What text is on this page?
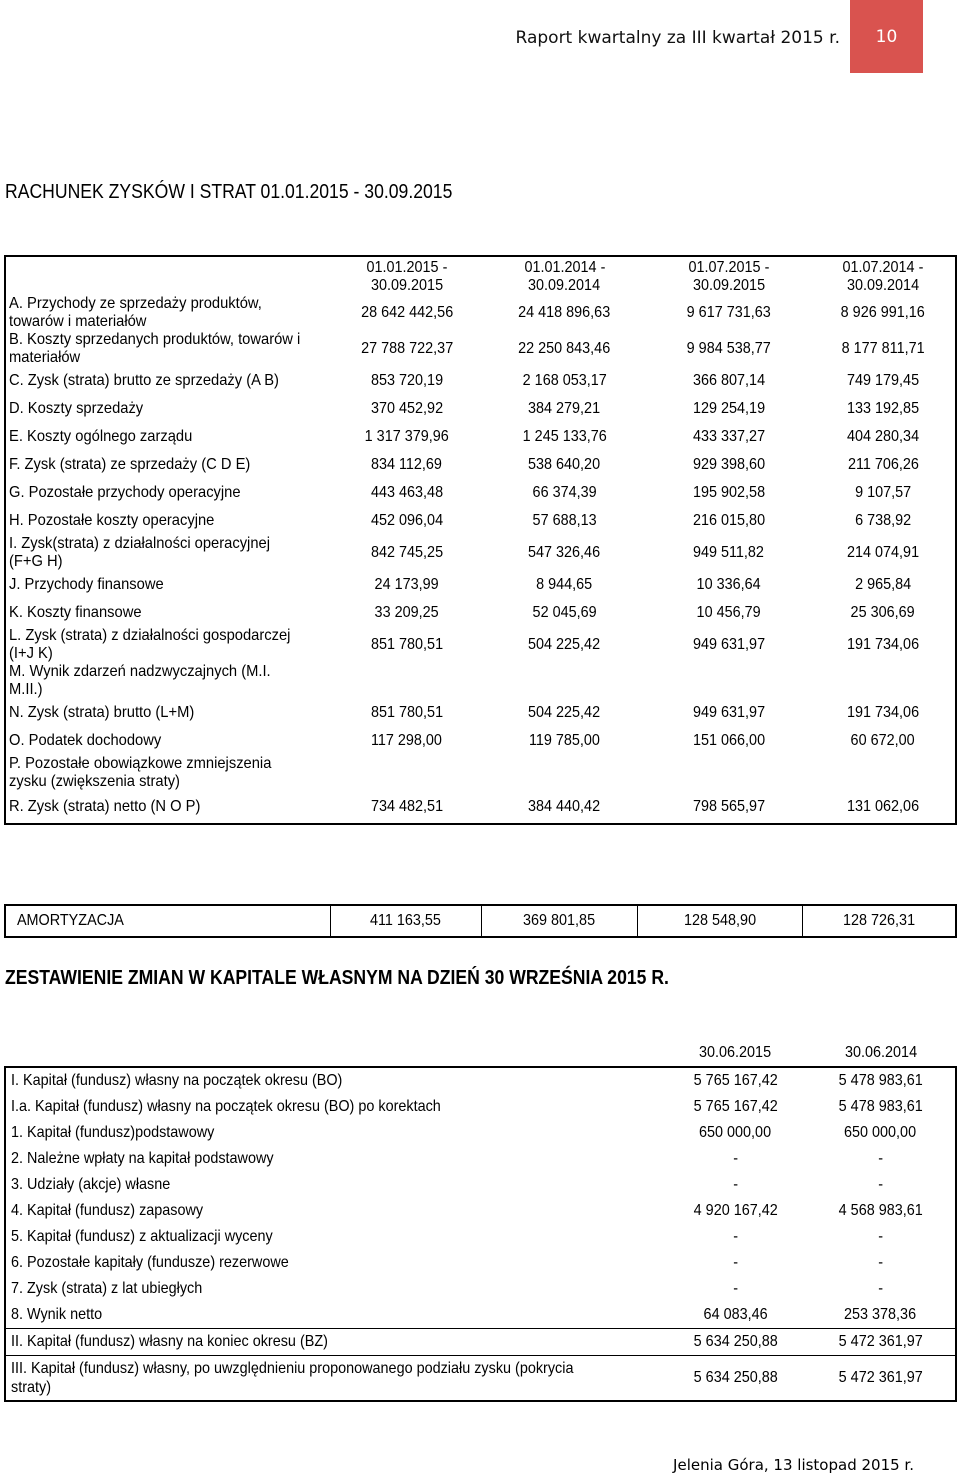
Raport kwartalny za III kwartał 2015 r.	10
RACHUNEK ZYSKÓW I STRAT 01.01.2015 - 30.09.2015
	01.01.2015 -
30.09.2015	01.01.2014 -
30.09.2014	01.07.2015 -
30.09.2015	01.07.2014 -
30.09.2014
A. Przychody ze sprzedaży produktów, towarów i materiałów	28 642 442,56	24 418 896,63	9 617 731,63	8 926 991,16
B. Koszty sprzedanych produktów, towarów i materiałów	27 788 722,37	22 250 843,46	9 984 538,77	8 177 811,71
C. Zysk (strata) brutto ze sprzedaży (A B)	853 720,19	2 168 053,17	366 807,14	749 179,45
D. Koszty sprzedaży	370 452,92	384 279,21	129 254,19	133 192,85
E. Koszty ogólnego zarządu	1 317 379,96	1 245 133,76	433 337,27	404 280,34
F. Zysk (strata) ze sprzedaży (C D E)	834 112,69	538 640,20	929 398,60	211 706,26
G. Pozostałe przychody operacyjne	443 463,48	66 374,39	195 902,58	9 107,57
H. Pozostałe koszty operacyjne	452 096,04	57 688,13	216 015,80	6 738,92
I. Zysk(strata) z działalności operacyjnej (F+G H)	842 745,25	547 326,46	949 511,82	214 074,91
J. Przychody finansowe	24 173,99	8 944,65	10 336,64	2 965,84
K. Koszty finansowe	33 209,25	52 045,69	10 456,79	25 306,69
L. Zysk (strata) z działalności gospodarczej (I+J K)	851 780,51	504 225,42	949 631,97	191 734,06
M. Wynik zdarzeń nadzwyczajnych (M.I. M.II.)				
N. Zysk (strata) brutto (L+M)	851 780,51	504 225,42	949 631,97	191 734,06
O. Podatek dochodowy	117 298,00	119 785,00	151 066,00	60 672,00
P. Pozostałe obowiązkowe zmniejszenia zysku (zwiększenia straty)				
R. Zysk (strata) netto (N O P)	734 482,51	384 440,42	798 565,97	131 062,06
AMORTYZACJA	411 163,55	369 801,85	128 548,90	128 726,31
ZESTAWIENIE ZMIAN W KAPITALE WŁASNYM NA DZIEŃ 30 WRZEŚNIA 2015 R.
	30.06.2015	30.06.2014
I. Kapitał (fundusz) własny na początek okresu (BO)	5 765 167,42	5 478 983,61
I.a. Kapitał (fundusz) własny na początek okresu (BO) po korektach	5 765 167,42	5 478 983,61
1. Kapitał (fundusz)podstawowy	650 000,00	650 000,00
2. Należne wpłaty na kapitał podstawowy	-	-
3. Udziały (akcje) własne	-	-
4. Kapitał (fundusz) zapasowy	4 920 167,42	4 568 983,61
5. Kapitał (fundusz) z aktualizacji wyceny	-	-
6. Pozostałe kapitały (fundusze) rezerwowe	-	-
7. Zysk (strata) z lat ubiegłych	-	-
8. Wynik netto	64 083,46	253 378,36
II. Kapitał (fundusz) własny na koniec okresu (BZ)	5 634 250,88	5 472 361,97
III. Kapitał (fundusz) własny, po uwzględnieniu proponowanego podziału zysku (pokrycia straty)	5 634 250,88	5 472 361,97
Jelenia Góra, 13 listopad 2015 r.
